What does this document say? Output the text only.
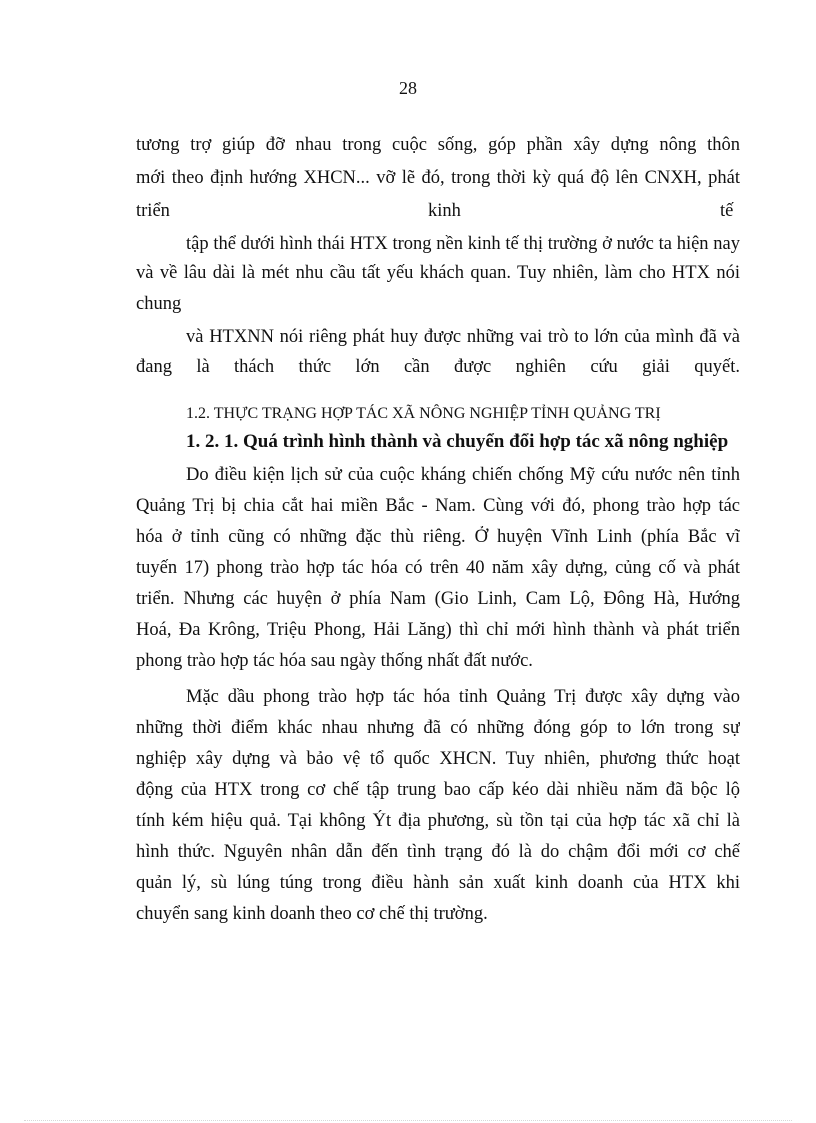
28
tương trợ giúp đỡ nhau trong cuộc sống, góp phần xây dựng nông thôn
mới theo định hướng XHCN... vỡ lẽ đó, trong thời kỳ quá độ lên CNXH, phát
triển	kinh	tế
tập thể dưới hình thái HTX trong nền kinh tế thị trường ở nước ta hiện nay
và về lâu dài là mét nhu cầu tất yếu khách quan. Tuy nhiên, làm cho HTX nói
chung
và HTXNN nói riêng phát huy được những vai trò to lớn của mình đã và
đang là thách thức lớn cần được nghiên cứu giải quyết.
1.2. THỰC TRẠNG HỢP TÁC XÃ NÔNG NGHIỆP TỈNH QUẢNG TRỊ
1. 2. 1. Quá trình hình thành và chuyển đổi hợp tác xã nông nghiệp
Do điều kiện lịch sử của cuộc kháng chiến chống Mỹ cứu nước nên tỉnh
Quảng Trị bị chia cắt hai miền Bắc - Nam. Cùng với đó, phong trào hợp tác
hóa ở tỉnh cũng có những đặc thù riêng. Ở huyện Vĩnh Linh (phía Bắc vĩ
tuyến 17) phong trào hợp tác hóa có trên 40 năm xây dựng, củng cố và phát
triển. Nhưng các huyện ở phía Nam (Gio Linh, Cam Lộ, Đông Hà, Hướng
Hoá, Đa Krông, Triệu Phong, Hải Lăng) thì chỉ mới hình thành và phát triển
phong trào hợp tác hóa sau ngày thống nhất đất nước.
Mặc dầu phong trào hợp tác hóa tỉnh Quảng Trị được xây dựng vào
những thời điểm khác nhau nhưng đã có những đóng góp to lớn trong sự
nghiệp xây dựng và bảo vệ tổ quốc XHCN. Tuy nhiên, phương thức hoạt
động của HTX trong cơ chế tập trung bao cấp kéo dài nhiều năm đã bộc lộ
tính kém hiệu quả. Tại không Ýt địa phương, sù tồn tại của hợp tác xã chỉ là
hình thức. Nguyên nhân dẫn đến tình trạng đó là do chậm đổi mới cơ chế
quản lý, sù lúng túng trong điều hành sản xuất kinh doanh của HTX khi
chuyển sang kinh doanh theo cơ chế thị trường.
